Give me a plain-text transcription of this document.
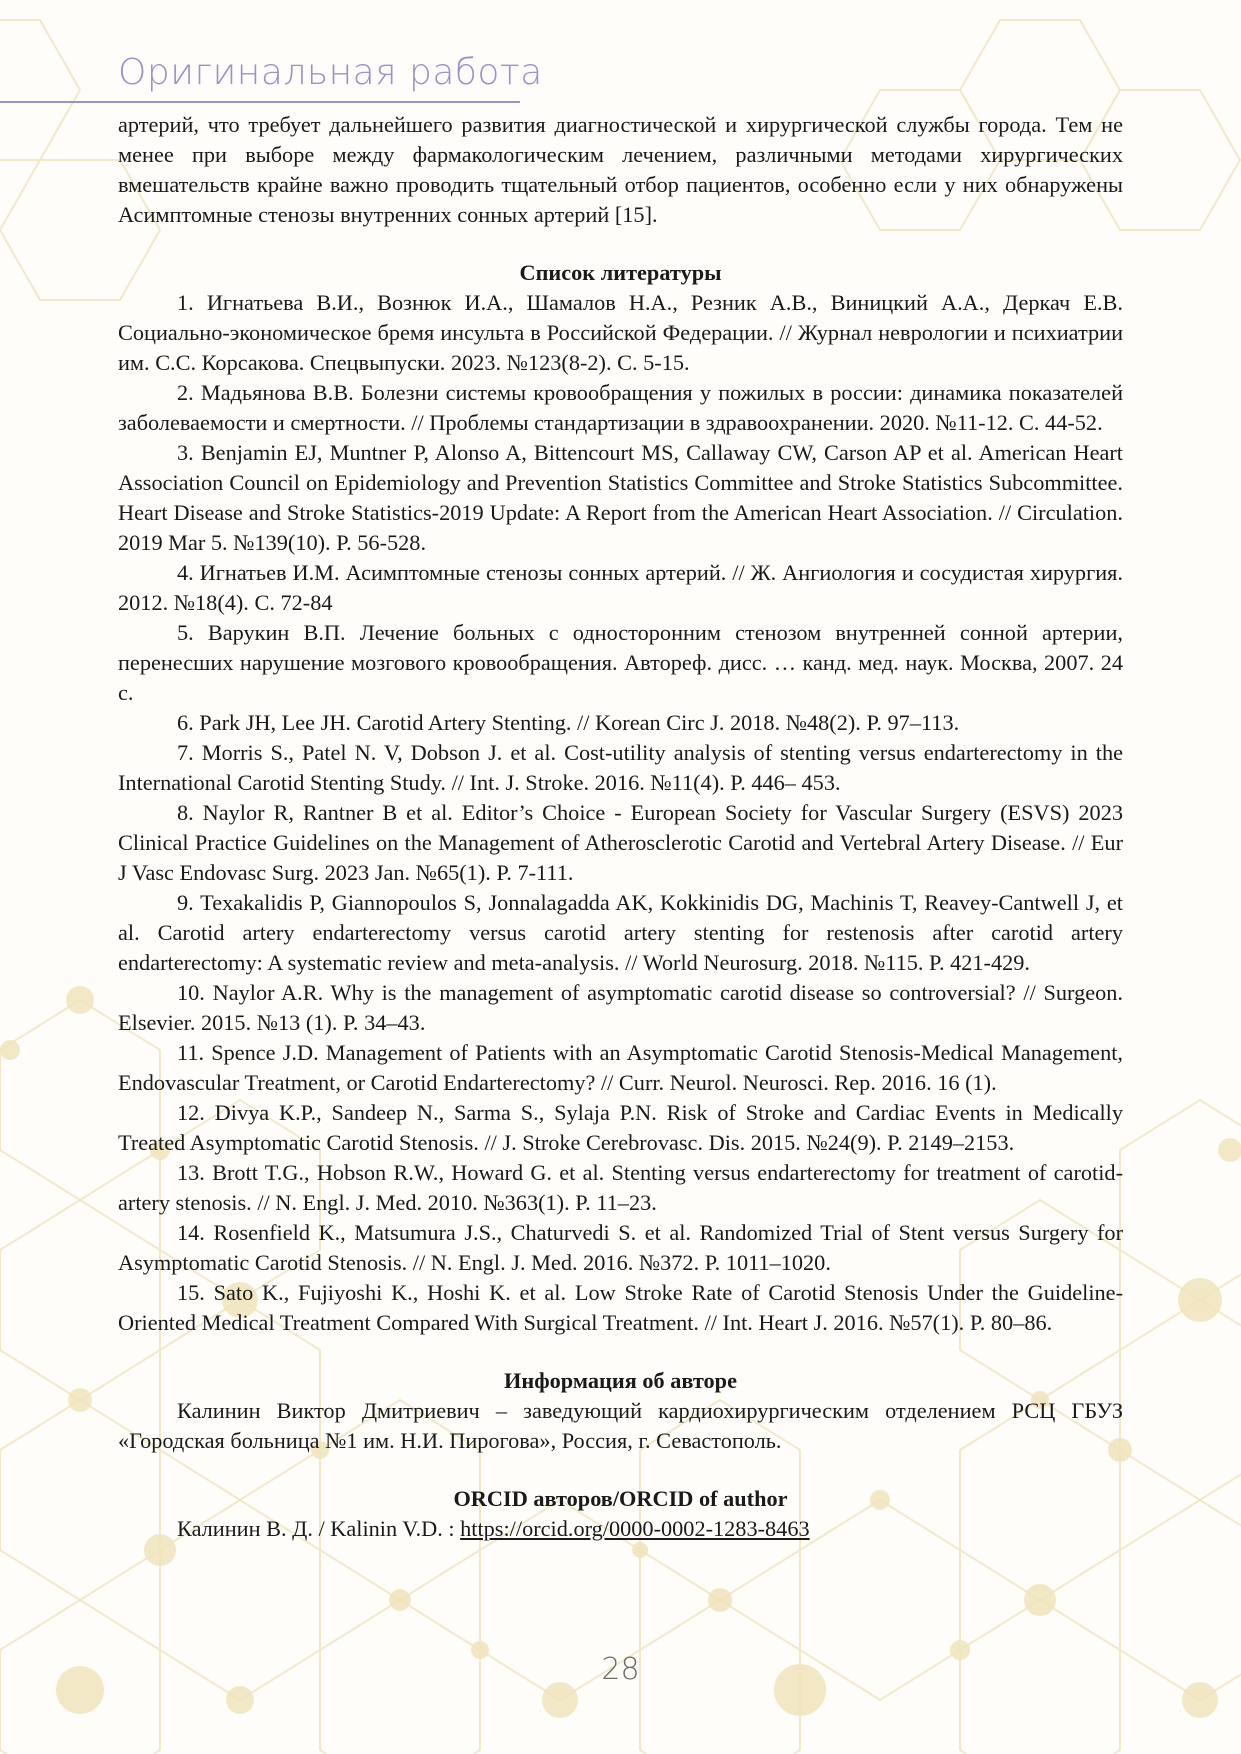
Оригинальная работа

артерий, что требует дальнейшего развития диагностической и хирургической службы города. Тем не менее при выборе между фармакологическим лечением, различными методами хирургических вмешательств крайне важно проводить тщательный отбор пациентов, особенно если у них обнаружены Асимптомные стенозы внутренних сонных артерий [15].

Список литературы

1. Игнатьева В.И., Вознюк И.А., Шамалов Н.А., Резник А.В., Виницкий А.А., Деркач Е.В. Социально-экономическое бремя инсульта в Российской Федерации. // Журнал неврологии и психиатрии им. С.С. Корсакова. Спецвыпуски. 2023. №123(8-2). С. 5-15.

2. Мадьянова В.В. Болезни системы кровообращения у пожилых в россии: динамика показателей заболеваемости и смертности. // Проблемы стандартизации в здравоохранении. 2020. №11-12. С. 44-52.

3. Benjamin EJ, Muntner P, Alonso A, Bittencourt MS, Callaway CW, Carson AP et al. American Heart Association Council on Epidemiology and Prevention Statistics Committee and Stroke Statistics Subcommittee. Heart Disease and Stroke Statistics-2019 Update: A Report from the American Heart Association. // Circulation. 2019 Mar 5. №139(10). P. 56-528.

4. Игнатьев И.М. Асимптомные стенозы сонных артерий. // Ж. Ангиология и сосудистая хирургия. 2012. №18(4). С. 72-84

5. Варукин В.П. Лечение больных с односторонним стенозом внутренней сонной артерии, перенесших нарушение мозгового кровообращения. Автореф. дисс. … канд. мед. наук. Москва, 2007. 24 с.

6. Park JH, Lee JH. Carotid Artery Stenting. // Korean Circ J. 2018. №48(2). P. 97–113.

7. Morris S., Patel N. V, Dobson J. et al. Cost-utility analysis of stenting versus endarterectomy in the International Carotid Stenting Study. // Int. J. Stroke. 2016. №11(4). P. 446– 453.

8. Naylor R, Rantner B et al. Editor’s Choice - European Society for Vascular Surgery (ESVS) 2023 Clinical Practice Guidelines on the Management of Atherosclerotic Carotid and Vertebral Artery Disease. // Eur J Vasc Endovasc Surg. 2023 Jan. №65(1). P. 7-111.

9. Texakalidis P, Giannopoulos S, Jonnalagadda AK, Kokkinidis DG, Machinis T, Reavey-Cantwell J, et al. Carotid artery endarterectomy versus carotid artery stenting for restenosis after carotid artery endarterectomy: A systematic review and meta-analysis. // World Neurosurg. 2018. №115. P. 421-429.

10. Naylor A.R. Why is the management of asymptomatic carotid disease so controversial? // Surgeon. Elsevier. 2015. №13 (1). P. 34–43.

11. Spence J.D. Management of Patients with an Asymptomatic Carotid Stenosis-Medical Management, Endovascular Treatment, or Carotid Endarterectomy? // Curr. Neurol. Neurosci. Rep. 2016. 16 (1).

12. Divya K.P., Sandeep N., Sarma S., Sylaja P.N. Risk of Stroke and Cardiac Events in Medically Treated Asymptomatic Carotid Stenosis. // J. Stroke Cerebrovasc. Dis. 2015. №24(9). P. 2149–2153.

13. Brott T.G., Hobson R.W., Howard G. et al. Stenting versus endarterectomy for treatment of carotid-artery stenosis. // N. Engl. J. Med. 2010. №363(1). P. 11–23.

14. Rosenfield K., Matsumura J.S., Chaturvedi S. et al. Randomized Trial of Stent versus Surgery for Asymptomatic Carotid Stenosis. // N. Engl. J. Med. 2016. №372. P. 1011–1020.

15. Sato K., Fujiyoshi K., Hoshi K. et al. Low Stroke Rate of Carotid Stenosis Under the Guideline-Oriented Medical Treatment Compared With Surgical Treatment. // Int. Heart J. 2016. №57(1). P. 80–86.

Информация об авторе

Калинин Виктор Дмитриевич – заведующий кардиохирургическим отделением РСЦ ГБУЗ «Городская больница №1 им. Н.И. Пирогова», Россия, г. Севастополь.

ORCID авторов/ORCID of author

Калинин В. Д. / Kalinin V.D. : https://orcid.org/0000-0002-1283-8463

28
